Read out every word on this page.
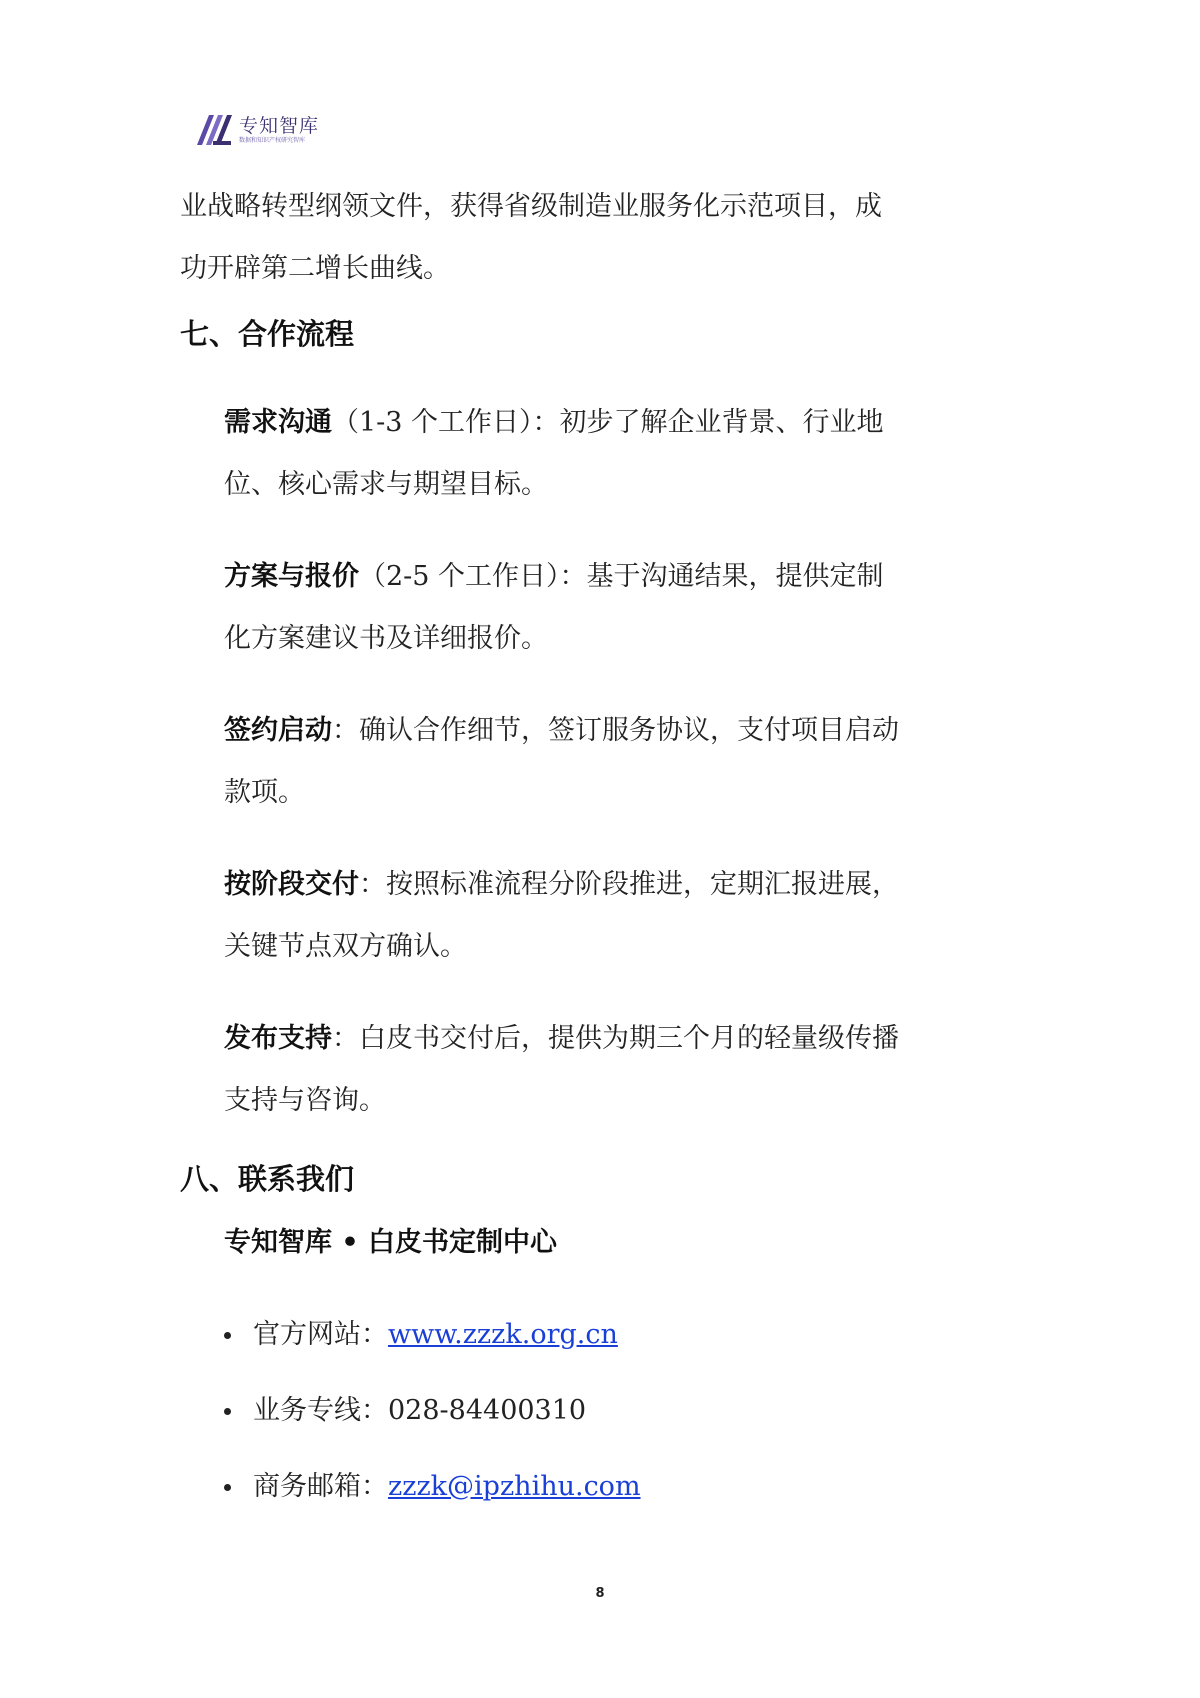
专知智库
数据和知识产权研究智库
业战略转型纲领文件，获得省级制造业服务化示范项目，成
功开辟第二增长曲线。
七、合作流程
需求沟通（1-3 个工作日）：初步了解企业背景、行业地
位、核心需求与期望目标。
方案与报价（2-5 个工作日）：基于沟通结果，提供定制
化方案建议书及详细报价。
签约启动：确认合作细节，签订服务协议，支付项目启动
款项。
按阶段交付：按照标准流程分阶段推进，定期汇报进展，
关键节点双方确认。
发布支持：白皮书交付后，提供为期三个月的轻量级传播
支持与咨询。
八、联系我们
专知智库 • 白皮书定制中心
官方网站： www.zzzk.org.cn
业务专线： 028-84400310
商务邮箱： zzzk@ipzhihu.com
8
